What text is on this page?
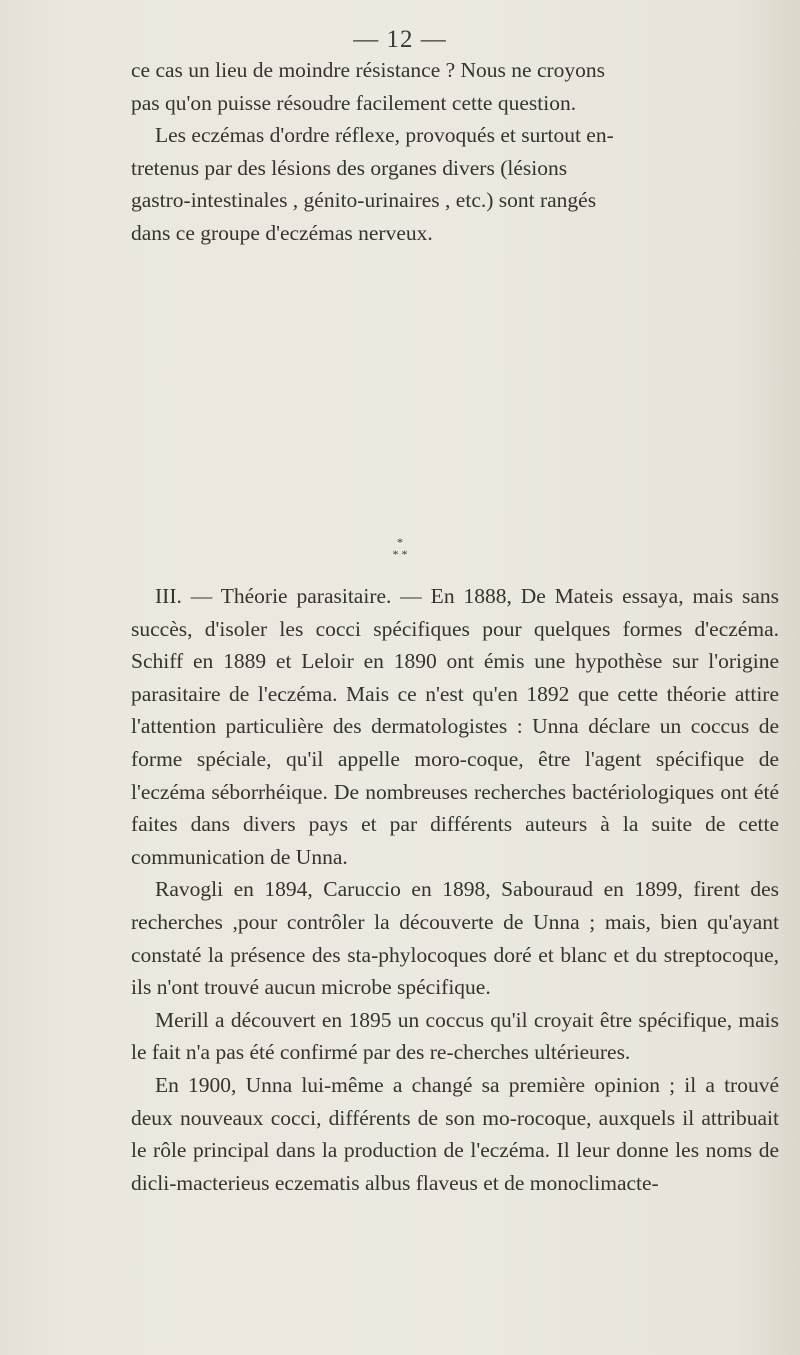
— 12 —

ce cas un lieu de moindre résistance ? Nous ne croyons

pas qu'on puisse résoudre facilement cette question.

Les eczémas d'ordre réflexe, provoqués et surtout en-

tretenus par des lésions des organes divers (lésions

gastro-intestinales , génito-urinaires , etc.) sont rangés

dans ce groupe d'eczémas nerveux.

*
* *

III. — Théorie parasitaire. — En 1888, De Mateis essaya, mais sans succès, d'isoler les cocci spécifiques pour quelques formes d'eczéma. Schiff en 1889 et Leloir en 1890 ont émis une hypothèse sur l'origine parasitaire de l'eczéma. Mais ce n'est qu'en 1892 que cette théorie attire l'attention particulière des dermatologistes : Unna déclare un coccus de forme spéciale, qu'il appelle moro-coque, être l'agent spécifique de l'eczéma séborrhéique. De nombreuses recherches bactériologiques ont été faites dans divers pays et par différents auteurs à la suite de cette communication de Unna.

Ravogli en 1894, Caruccio en 1898, Sabouraud en 1899, firent des recherches ,pour contrôler la découverte de Unna ; mais, bien qu'ayant constaté la présence des sta-phylocoques doré et blanc et du streptocoque, ils n'ont trouvé aucun microbe spécifique.

Merill a découvert en 1895 un coccus qu'il croyait être spécifique, mais le fait n'a pas été confirmé par des re-cherches ultérieures.

En 1900, Unna lui-même a changé sa première opinion ; il a trouvé deux nouveaux cocci, différents de son mo-rocoque, auxquels il attribuait le rôle principal dans la production de l'eczéma. Il leur donne les noms de dicli-macterieus eczematis albus flaveus et de monoclimacte-
